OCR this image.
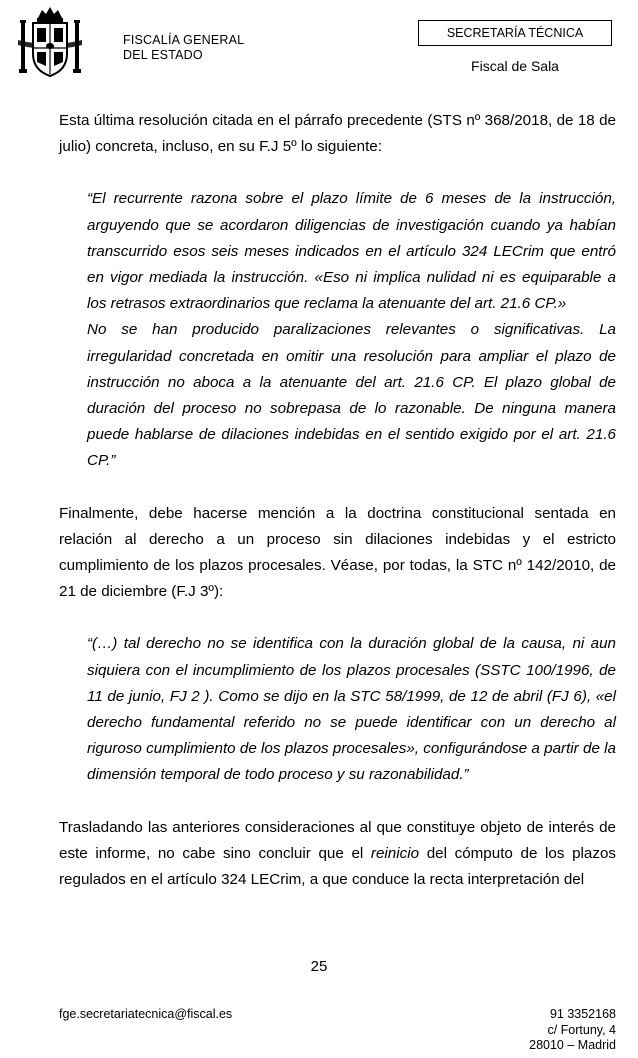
FISCALÍA GENERAL
DEL ESTADO
SECRETARÍA TÉCNICA
Fiscal de Sala

Esta última resolución citada en el párrafo precedente (STS nº 368/2018, de 18 de julio) concreta, incluso, en su F.J 5º lo siguiente:

“El recurrente razona sobre el plazo límite de 6 meses de la instrucción, arguyendo que se acordaron diligencias de investigación cuando ya habían transcurrido esos seis meses indicados en el artículo 324 LECrim que entró en vigor mediada la instrucción. «Eso ni implica nulidad ni es equiparable a los retrasos extraordinarios que reclama la atenuante del art. 21.6 CP.»

No se han producido paralizaciones relevantes o significativas. La irregularidad concretada en omitir una resolución para ampliar el plazo de instrucción no aboca a la atenuante del art. 21.6 CP. El plazo global de duración del proceso no sobrepasa de lo razonable. De ninguna manera puede hablarse de dilaciones indebidas en el sentido exigido por el art. 21.6 CP.”

Finalmente, debe hacerse mención a la doctrina constitucional sentada en relación al derecho a un proceso sin dilaciones indebidas y el estricto cumplimiento de los plazos procesales. Véase, por todas, la STC nº 142/2010, de 21 de diciembre (F.J 3º):

“(…) tal derecho no se identifica con la duración global de la causa, ni aun siquiera con el incumplimiento de los plazos procesales (SSTC 100/1996, de 11 de junio, FJ 2 ). Como se dijo en la STC 58/1999, de 12 de abril (FJ 6), «el derecho fundamental referido no se puede identificar con un derecho al riguroso cumplimiento de los plazos procesales», configurándose a partir de la dimensión temporal de todo proceso y su razonabilidad.”

Trasladando las anteriores consideraciones al que constituye objeto de interés de este informe, no cabe sino concluir que el reinicio del cómputo de los plazos regulados en el artículo 324 LECrim, a que conduce la recta interpretación del

25
fge.secretariatecnica@fiscal.es	91 3352168
c/ Fortuny, 4
28010 – Madrid
